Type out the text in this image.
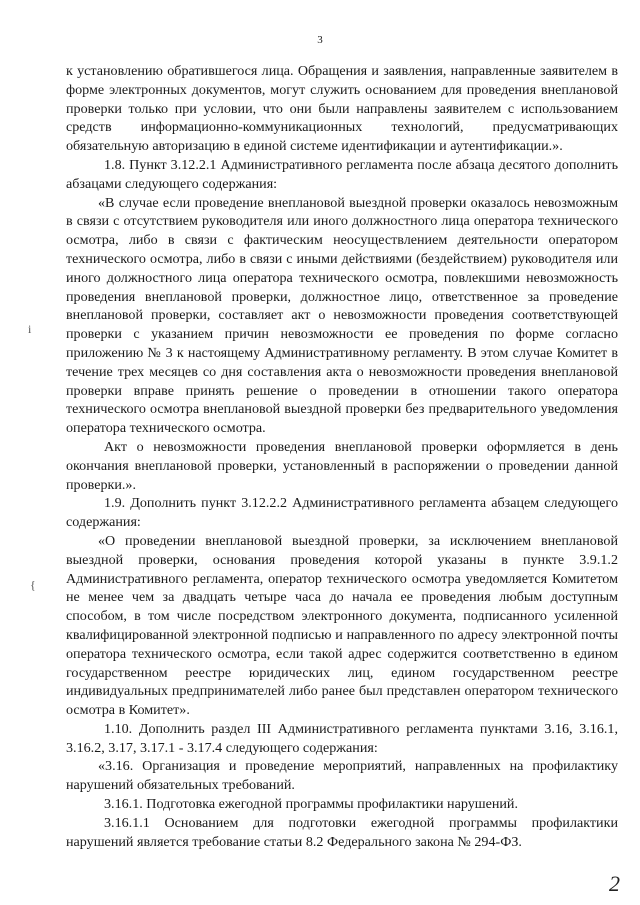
3

к установлению обратившегося лица. Обращения и заявления, направленные заявителем в форме электронных документов, могут служить основанием для проведения внеплановой проверки только при условии, что они были направлены заявителем с использованием средств информационно-коммуникационных технологий, предусматривающих обязательную авторизацию в единой системе идентификации и аутентификации.».

1.8. Пункт 3.12.2.1 Административного регламента после абзаца десятого дополнить абзацами следующего содержания:

«В случае если проведение внеплановой выездной проверки оказалось невозможным в связи с отсутствием руководителя или иного должностного лица оператора технического осмотра, либо в связи с фактическим неосуществлением деятельности оператором технического осмотра, либо в связи с иными действиями (бездействием) руководителя или иного должностного лица оператора технического осмотра, повлекшими невозможность проведения внеплановой проверки, должностное лицо, ответственное за проведение внеплановой проверки, составляет акт о невозможности проведения соответствующей проверки с указанием причин невозможности ее проведения по форме согласно приложению № 3 к настоящему Административному регламенту. В этом случае Комитет в течение трех месяцев со дня составления акта о невозможности проведения внеплановой проверки вправе принять решение о проведении в отношении такого оператора технического осмотра внеплановой выездной проверки без предварительного уведомления оператора технического осмотра.

Акт о невозможности проведения внеплановой проверки оформляется в день окончания внеплановой проверки, установленный в распоряжении о проведении данной проверки.».

1.9. Дополнить пункт 3.12.2.2 Административного регламента абзацем следующего содержания:

«О проведении внеплановой выездной проверки, за исключением внеплановой выездной проверки, основания проведения которой указаны в пункте 3.9.1.2 Административного регламента, оператор технического осмотра уведомляется Комитетом не менее чем за двадцать четыре часа до начала ее проведения любым доступным способом, в том числе посредством электронного документа, подписанного усиленной квалифицированной электронной подписью и направленного по адресу электронной почты оператора технического осмотра, если такой адрес содержится соответственно в едином государственном реестре юридических лиц, едином государственном реестре индивидуальных предпринимателей либо ранее был представлен оператором технического осмотра в Комитет».

1.10. Дополнить раздел III Административного регламента пунктами 3.16, 3.16.1, 3.16.2, 3.17, 3.17.1 - 3.17.4 следующего содержания:

«3.16. Организация и проведение мероприятий, направленных на профилактику нарушений обязательных требований.

3.16.1. Подготовка ежегодной программы профилактики нарушений.

3.16.1.1 Основанием для подготовки ежегодной программы профилактики нарушений является требование статьи 8.2 Федерального закона № 294-ФЗ.

i
{
2
